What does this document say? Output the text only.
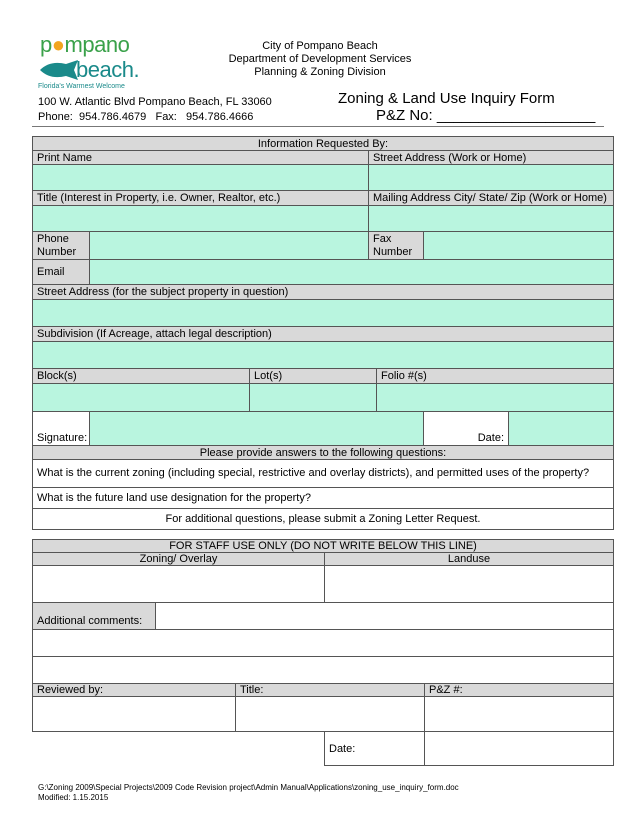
p●mpano
beach.
Florida's Warmest Welcome
City of Pompano Beach
Department of Development Services
Planning & Zoning Division
100 W. Atlantic Blvd Pompano Beach, FL 33060
Phone: 954.786.4679 Fax: 954.786.4666
Zoning & Land Use Inquiry Form
P&Z No: ___________________
Information Requested By:						
Print Name			Street Address (Work or Home)			

Title (Interest in Property, i.e. Owner, Realtor, etc.)			Mailing Address City/ State/ Zip (Work or Home)			

Phone Number			Fax Number			
Email						
Street Address (for the subject property in question)						

Subdivision (If Acreage, attach legal description)						

Block(s)		Lot(s)		Folio #(s)		

Signature:					Date:	
Please provide answers to the following questions:						
What is the current zoning (including special, restrictive and overlay districts), and permitted uses of the property?						
What is the future land use designation for the property?						
For additional questions, please submit a Zoning Letter Request.						
FOR STAFF USE ONLY (DO NOT WRITE BELOW THIS LINE)				
Zoning/ Overlay			Landuse	

Additional comments:				

Reviewed by:		Title:		P&Z #:

			Date:	
G:\Zoning 2009\Special Projects\2009 Code Revision project\Admin Manual\Applications\zoning_use_inquiry_form.doc
Modified: 1.15.2015
